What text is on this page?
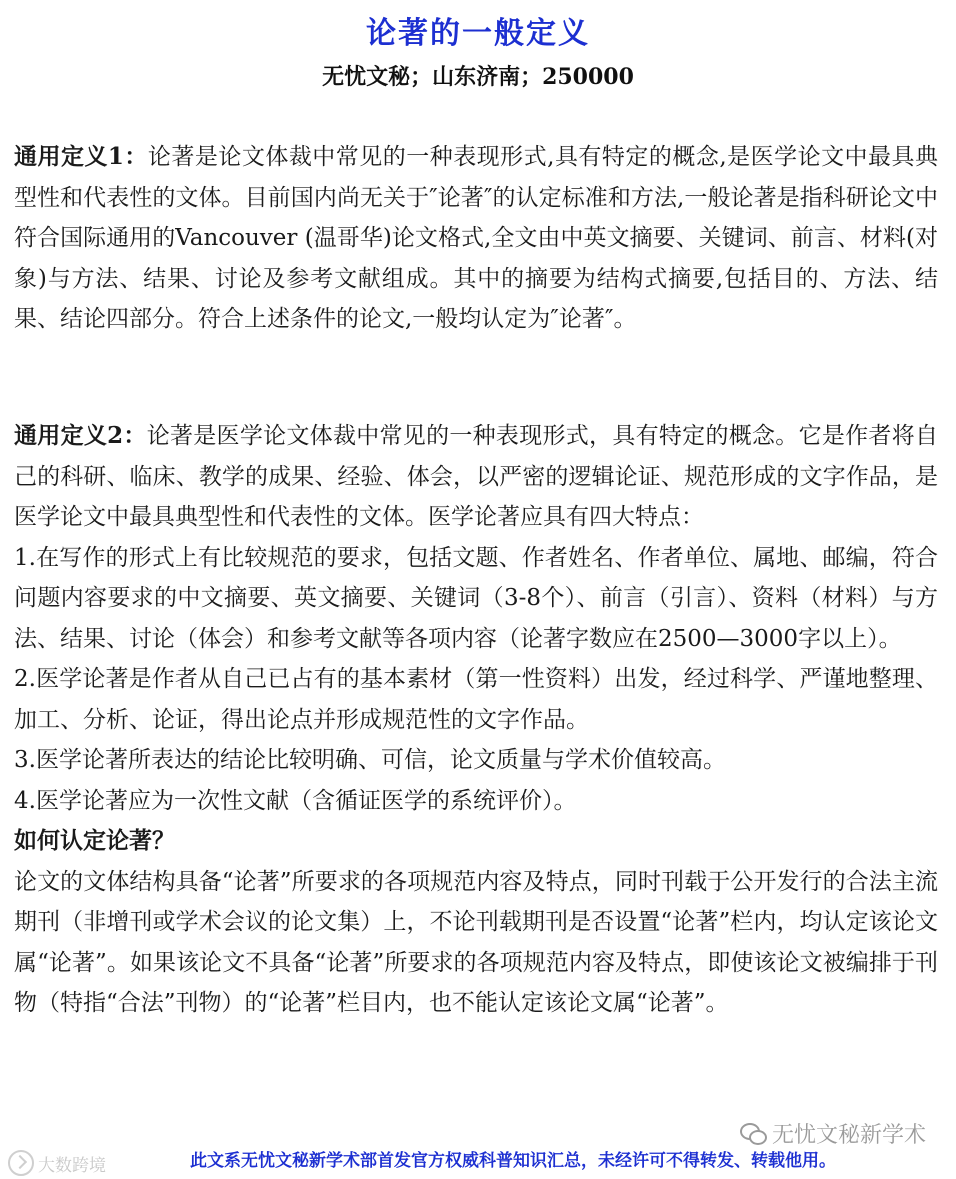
论著的一般定义
无忧文秘；山东济南；250000

通用定义1：论著是论文体裁中常见的一种表现形式,具有特定的概念,是医学论文中最具典型性和代表性的文体。目前国内尚无关于″论著″的认定标准和方法,一般论著是指科研论文中符合国际通用的Vancouver (温哥华)论文格式,全文由中英文摘要、关键词、前言、材料(对象)与方法、结果、讨论及参考文献组成。其中的摘要为结构式摘要,包括目的、方法、结果、结论四部分。符合上述条件的论文,一般均认定为″论著″。

通用定义2：论著是医学论文体裁中常见的一种表现形式，具有特定的概念。它是作者将自己的科研、临床、教学的成果、经验、体会，以严密的逻辑论证、规范形成的文字作品，是医学论文中最具典型性和代表性的文体。医学论著应具有四大特点：

1.在写作的形式上有比较规范的要求，包括文题、作者姓名、作者单位、属地、邮编，符合问题内容要求的中文摘要、英文摘要、关键词（3-8个）、前言（引言）、资料（材料）与方法、结果、讨论（体会）和参考文献等各项内容（论著字数应在2500—3000字以上）。

2.医学论著是作者从自己已占有的基本素材（第一性资料）出发，经过科学、严谨地整理、加工、分析、论证，得出论点并形成规范性的文字作品。

3.医学论著所表达的结论比较明确、可信，论文质量与学术价值较高。

4.医学论著应为一次性文献（含循证医学的系统评价）。

如何认定论著？

论文的文体结构具备“论著”所要求的各项规范内容及特点，同时刊载于公开发行的合法主流期刊（非增刊或学术会议的论文集）上，不论刊载期刊是否设置“论著”栏内，均认定该论文属“论著”。如果该论文不具备“论著”所要求的各项规范内容及特点，即使该论文被编排于刊物（特指“合法”刊物）的“论著”栏目内，也不能认定该论文属“论著”。

无忧文秘新学术
大数跨境	此文系无忧文秘新学术部首发官方权威科普知识汇总，未经许可不得转发、转载他用。
